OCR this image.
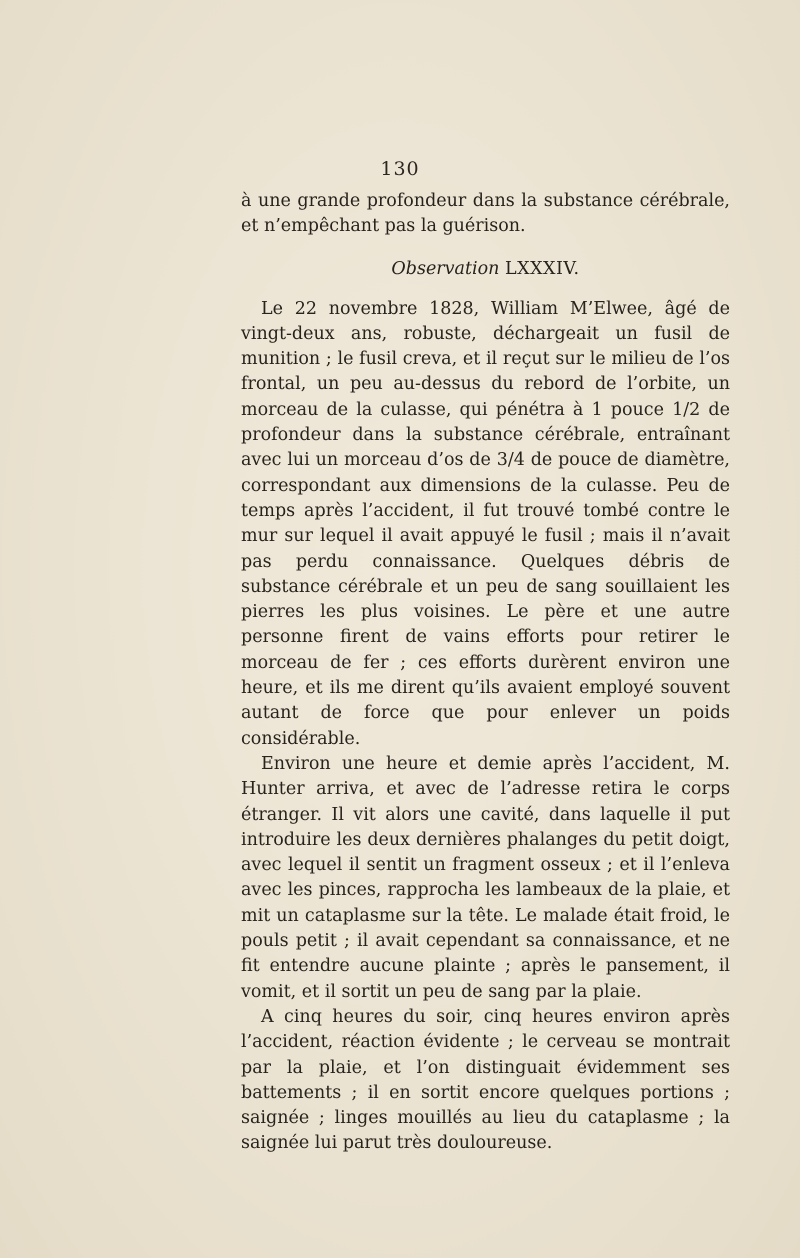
130

à une grande profondeur dans la substance cérébrale, et n’empêchant pas la guérison.

Observation LXXXIV.

Le 22 novembre 1828, William M’Elwee, âgé de vingt-deux ans, robuste, déchargeait un fusil de munition ; le fusil creva, et il reçut sur le milieu de l’os frontal, un peu au-dessus du rebord de l’orbite, un morceau de la culasse, qui pénétra à 1 pouce 1/2 de profondeur dans la substance cérébrale, entraînant avec lui un morceau d’os de 3/4 de pouce de diamètre, correspondant aux dimensions de la culasse. Peu de temps après l’accident, il fut trouvé tombé contre le mur sur lequel il avait appuyé le fusil ; mais il n’avait pas perdu connaissance. Quelques débris de substance cérébrale et un peu de sang souillaient les pierres les plus voisines. Le père et une autre personne firent de vains efforts pour retirer le morceau de fer ; ces efforts durèrent environ une heure, et ils me dirent qu’ils avaient employé souvent autant de force que pour enlever un poids considérable.

Environ une heure et demie après l’accident, M. Hunter arriva, et avec de l’adresse retira le corps étranger. Il vit alors une cavité, dans laquelle il put introduire les deux dernières phalanges du petit doigt, avec lequel il sentit un fragment osseux ; et il l’enleva avec les pinces, rapprocha les lambeaux de la plaie, et mit un cataplasme sur la tête. Le malade était froid, le pouls petit ; il avait cependant sa connaissance, et ne fit entendre aucune plainte ; après le pansement, il vomit, et il sortit un peu de sang par la plaie.

A cinq heures du soir, cinq heures environ après l’accident, réaction évidente ; le cerveau se montrait par la plaie, et l’on distinguait évidemment ses battements ; il en sortit encore quelques portions ; saignée ; linges mouillés au lieu du cataplasme ; la saignée lui parut très douloureuse.
